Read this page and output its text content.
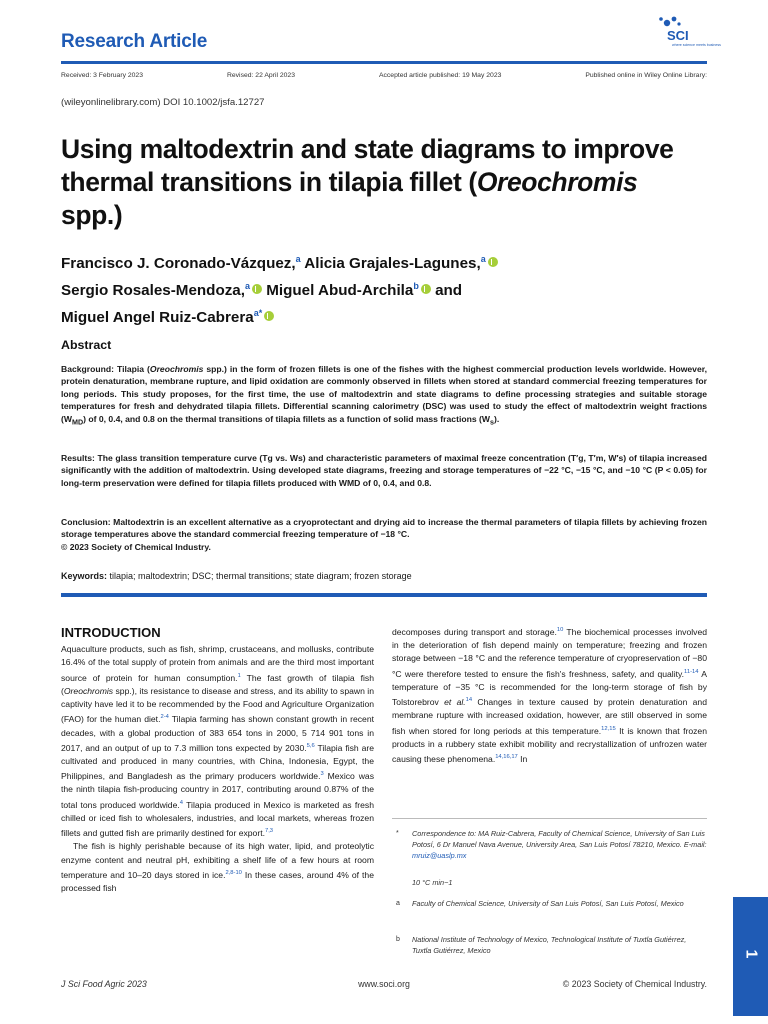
Research Article	SCI
where science meets business
Received: 3 February 2023	Revised: 22 April 2023	Accepted article published: 19 May 2023	Published online in Wiley Online Library:
(wileyonlinelibrary.com) DOI 10.1002/jsfa.12727
Using maltodextrin and state diagrams to improve thermal transitions in tilapia fillet (Oreochromis spp.)
Francisco J. Coronado-Vázquez,$^a$ Alicia Grajales-Lagunes,$^a$
Sergio Rosales-Mendoza,$^a$ Miguel Abud-Archila$^b$ and
Miguel Angel Ruiz-Cabrera$^{a*}$
Abstract

Background: Tilapia (Oreochromis spp.) in the form of frozen fillets is one of the fishes with the highest commercial production levels worldwide. However, protein denaturation, membrane rupture, and lipid oxidation are commonly observed in fillets when stored at standard commercial freezing temperatures for long periods. This study proposes, for the first time, the use of maltodextrin and state diagrams to define processing strategies and suitable storage temperatures for fresh and dehydrated tilapia fillets. Differential scanning calorimetry (DSC) was used to study the effect of maltodextrin weight fractions $(W_{MD})$ of 0, 0.4, and 0.8 on the thermal transitions of tilapia fillets as a function of solid mass fractions $(W_s)$.

Results: The glass transition temperature curve (Tg vs. Ws) and characteristic parameters of maximal freeze concentration (T′g, T′m, W′s) of tilapia increased significantly with the addition of maltodextrin. Using developed state diagrams, freezing and storage temperatures of −22 °C, −15 °C, and −10 °C (P < 0.05) for long-term preservation were defined for tilapia fillets produced with WMD of 0, 0.4, and 0.8.

Conclusion: Maltodextrin is an excellent alternative as a cryoprotectant and drying aid to increase the thermal parameters of tilapia fillets by achieving frozen storage temperatures above the standard commercial freezing temperature of −18 °C.
© 2023 Society of Chemical Industry.

Keywords: tilapia; maltodextrin; DSC; thermal transitions; state diagram; frozen storage
INTRODUCTION

Aquaculture products, such as fish, shrimp, crustaceans, and mollusks, contribute 16.4% of the total supply of protein from animals and are the third most important source of protein for human consumption.$^1$ The fast growth of tilapia fish (Oreochromis spp.), its resistance to disease and stress, and its ability to spawn in captivity have led it to be recommended by the Food and Agriculture Organization (FAO) for the human diet.$^{2-4}$ Tilapia farming has shown constant growth in recent decades, with a global production of 383 654 tons in 2000, 5 714 901 tons in 2017, and an output of up to 7.3 million tons expected by 2030.$^{5,6}$ Tilapia fish are cultivated and produced in many countries, with China, Indonesia, Egypt, the Philippines, and Bangladesh as the primary producers worldwide.$^3$ Mexico was the ninth tilapia fish-producing country in 2017, contributing around 0.87% of the total tons produced worldwide.$^4$ Tilapia produced in Mexico is marketed as fresh chilled or iced fish to wholesalers, industries, and local markets, whereas frozen fillets and gutted fish are primarily destined for export.$^{7,3}$

The fish is highly perishable because of its high water, lipid, and proteolytic enzyme content and neutral pH, exhibiting a shelf life of a few hours at room temperature and 10–20 days stored in ice.$^{2,8-10}$ In these cases, around 4% of the processed fish

decomposes during transport and storage.$^{10}$ The biochemical processes involved in the deterioration of fish depend mainly on temperature; freezing and frozen storage between −18 °C and the reference temperature of cryopreservation of −80 °C were therefore tested to ensure the fish's freshness, safety, and quality.$^{11-14}$ A temperature of −35 °C is recommended for the long-term storage of fish by Tolstorebrov et al.$^{14}$ Changes in texture caused by protein denaturation and membrane rupture with increased oxidation, however, are still observed in some fish when stored for long periods at this temperature.$^{12,15}$ It is known that frozen products in a rubbery state exhibit mobility and recrystallization of unfrozen water causing these phenomena.$^{14,16,17}$ In

* Correspondence to: MA Ruiz-Cabrera, Faculty of Chemical Science, University of San Luis Potosí, 6 Dr Manuel Nava Avenue, University Area, San Luis Potosí 78210, Mexico. E-mail: mruiz@uaslp.mx
10 °C min−1
a Faculty of Chemical Science, University of San Luis Potosí, San Luis Potosí, Mexico
b National Institute of Technology of Mexico, Technological Institute of Tuxtla Gutiérrez, Tuxtla Gutiérrez, Mexico	1
J Sci Food Agric 2023	www.soci.org	© 2023 Society of Chemical Industry.
